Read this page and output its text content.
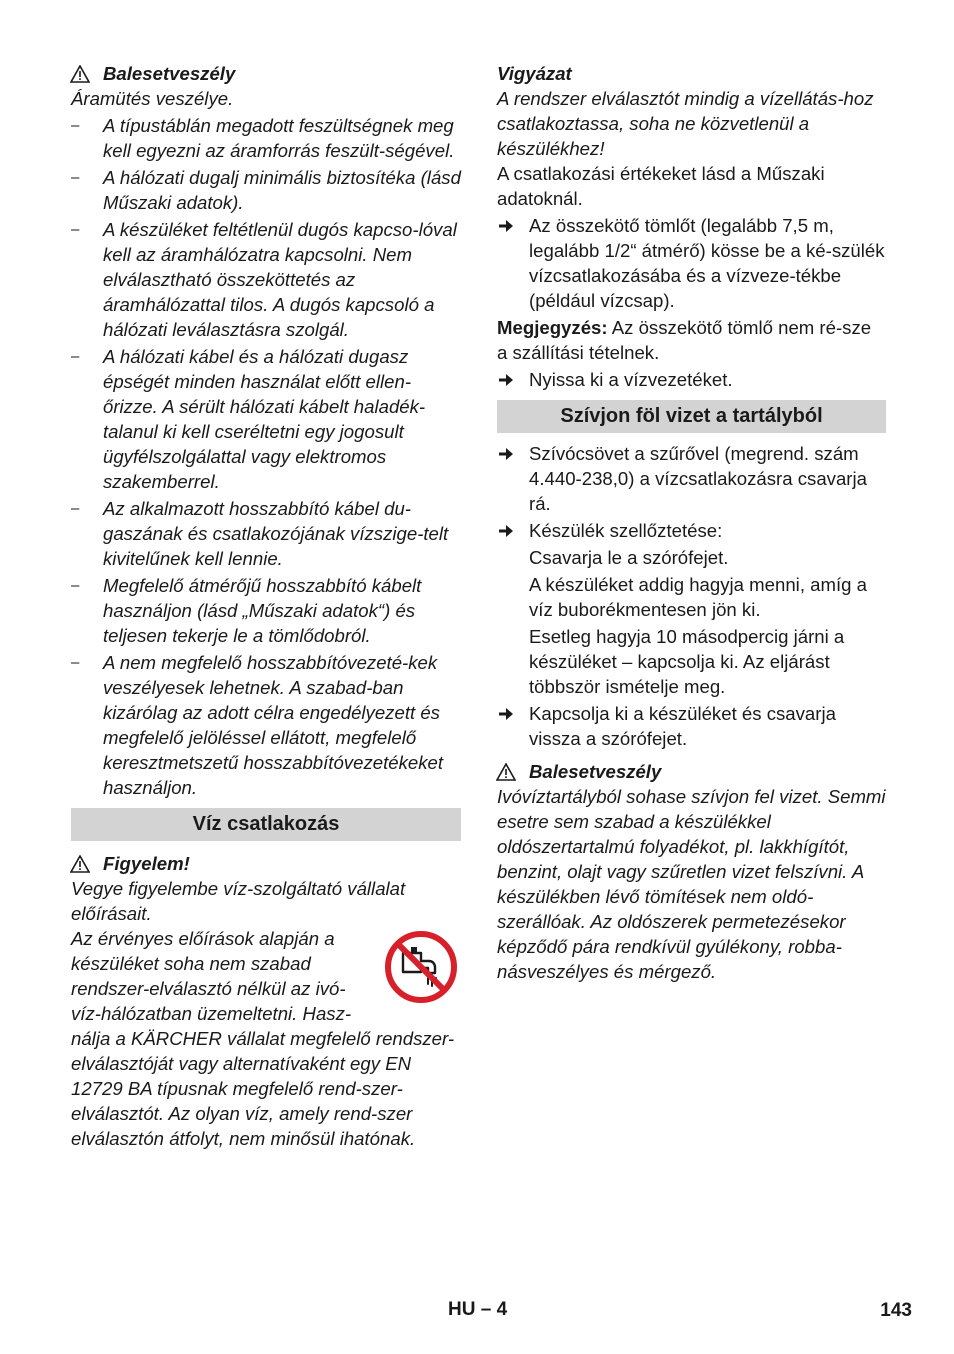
Balesetveszély
Áramütés veszélye.
– A típustáblán megadott feszültségnek meg kell egyezni az áramforrás feszült-ségével.
– A hálózati dugalj minimális biztosítéka (lásd Műszaki adatok).
– A készüléket feltétlenül dugós kapcso-lóval kell az áramhálózatra kapcsolni. Nem elválasztható összeköttetés az áramhálózattal tilos. A dugós kapcsoló a hálózati leválasztásra szolgál.
– A hálózati kábel és a hálózati dugasz épségét minden használat előtt ellen-őrizze. A sérült hálózati kábelt haladék-talanul ki kell cseréltetni egy jogosult ügyfélszolgálattal vagy elektromos szakemberrel.
– Az alkalmazott hosszabbító kábel du-gaszának és csatlakozójának vízszige-telt kivitelűnek kell lennie.
– Megfelelő átmérőjű hosszabbító kábelt használjon (lásd „Műszaki adatok“) és teljesen tekerje le a tömlődobról.
– A nem megfelelő hosszabbítóvezeté-kek veszélyesek lehetnek. A szabad-ban kizárólag az adott célra engedélyezett és megfelelő jelöléssel ellátott, megfelelő keresztmetszetű hosszabbítóvezetékeket használjon.
Víz csatlakozás
Figyelem!
Vegye figyelembe víz-szolgáltató vállalat előírásait.
Az érvényes előírások alapján a készüléket soha nem szabad rendszer-elválasztó nélkül az ivó-víz-hálózatban üzemeltetni. Hasz-nálja a KÄRCHER vállalat megfelelő rendszer-elválasztóját vagy alternatívaként egy EN 12729 BA típusnak megfelelő rend-szer-elválasztót. Az olyan víz, amely rend-szer elválasztón átfolyt, nem minősül ihatónak.
Vigyázat
A rendszer elválasztót mindig a vízellátás-hoz csatlakoztassa, soha ne közvetlenül a készülékhez!
A csatlakozási értékeket lásd a Műszaki adatoknál.
Az összekötő tömlőt (legalább 7,5 m, legalább 1/2“ átmérő) kösse be a ké-szülék vízcsatlakozásába és a vízveze-tékbe (például vízcsap).
Megjegyzés: Az összekötő tömlő nem ré-sze a szállítási tételnek.
Nyissa ki a vízvezetéket.
Szívjon föl vizet a tartályból
Szívócsövet a szűrővel (megrend. szám 4.440-238,0) a vízcsatlakozásra csavarja rá.
Készülék szellőztetése:
Csavarja le a szórófejet.
A készüléket addig hagyja menni, amíg a víz buborékmentesen jön ki.
Esetleg hagyja 10 másodpercig járni a készüléket – kapcsolja ki. Az eljárást többször ismételje meg.
Kapcsolja ki a készüléket és csavarja vissza a szórófejet.
Balesetveszély
Ivóvíztartályból sohase szívjon fel vizet. Semmi esetre sem szabad a készülékkel oldószertartalmú folyadékot, pl. lakkhígítót, benzint, olajt vagy szűretlen vizet felszívni. A készülékben lévő tömítések nem oldó-szerállóak. Az oldószerek permetezésekor képződő pára rendkívül gyúlékony, robba-násveszélyes és mérgező.
HU – 4	143
